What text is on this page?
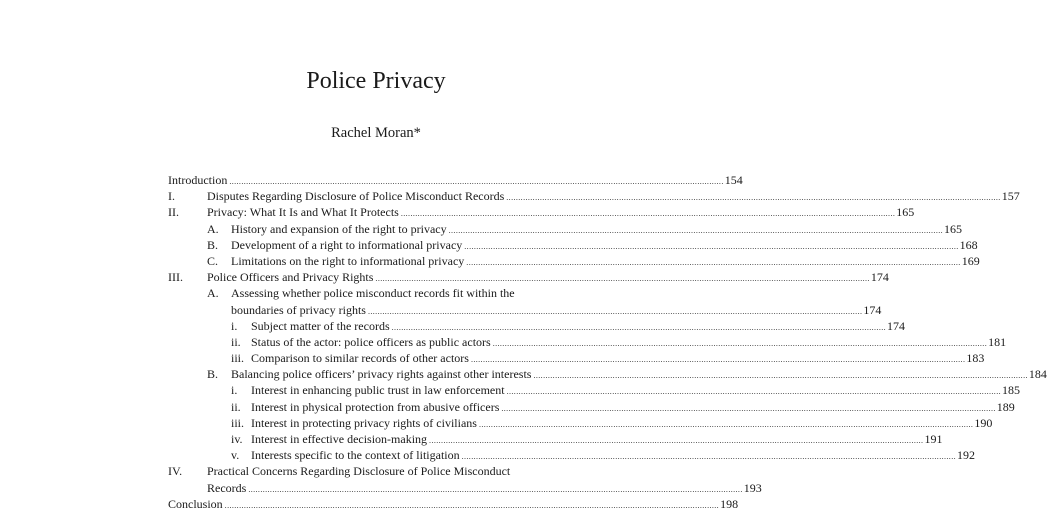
Police Privacy
Rachel Moran*
Introduction .............................................................................................................................................................................................................. 154
I.	Disputes Regarding Disclosure of Police Misconduct Records .............................................................................................................................................................................................................. 157
II. Privacy: What It Is and What It Protects .............................................................................................................................................................................................................. 165
A. History and expansion of the right to privacy .............................................................................................................................................................................................................. 165
B. Development of a right to informational privacy .............................................................................................................................................................................................................. 168
C. Limitations on the right to informational privacy .............................................................................................................................................................................................................. 169
III. Police Officers and Privacy Rights .............................................................................................................................................................................................................. 174
A. Assessing whether police misconduct records fit within the
boundaries of privacy rights .............................................................................................................................................................................................................. 174
i. Subject matter of the records .............................................................................................................................................................................................................. 174
ii. Status of the actor: police officers as public actors .............................................................................................................................................................................................................. 181
iii. Comparison to similar records of other actors .............................................................................................................................................................................................................. 183
B. Balancing police officers’ privacy rights against other interests .............................................................................................................................................................................................................. 184
i. Interest in enhancing public trust in law enforcement .............................................................................................................................................................................................................. 185
ii. Interest in physical protection from abusive officers .............................................................................................................................................................................................................. 189
iii. Interest in protecting privacy rights of civilians .............................................................................................................................................................................................................. 190
iv. Interest in effective decision-making .............................................................................................................................................................................................................. 191
v. Interests specific to the context of litigation .............................................................................................................................................................................................................. 192
IV. Practical Concerns Regarding Disclosure of Police Misconduct
Records .............................................................................................................................................................................................................. 193
Conclusion .............................................................................................................................................................................................................. 198
